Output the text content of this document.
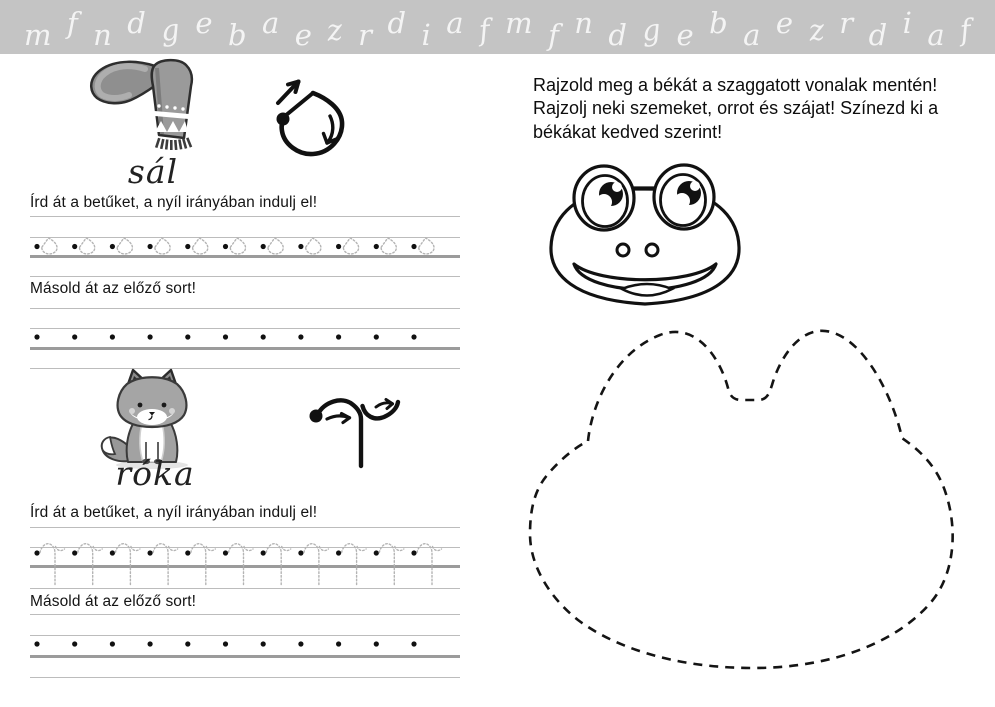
m f n d g e b a e z r d i a f m f n d g e b a e z r d i a f
sál
Írd át a betűket, a nyíl irányában indulj el!
Másold át az előző sort!
róka
Írd át a betűket, a nyíl irányában indulj el!
Másold át az előző sort!
Rajzold meg a békát a szaggatott vonalak mentén! Rajzolj neki szemeket, orrot és szájat! Színezd ki a békákat kedved szerint!
